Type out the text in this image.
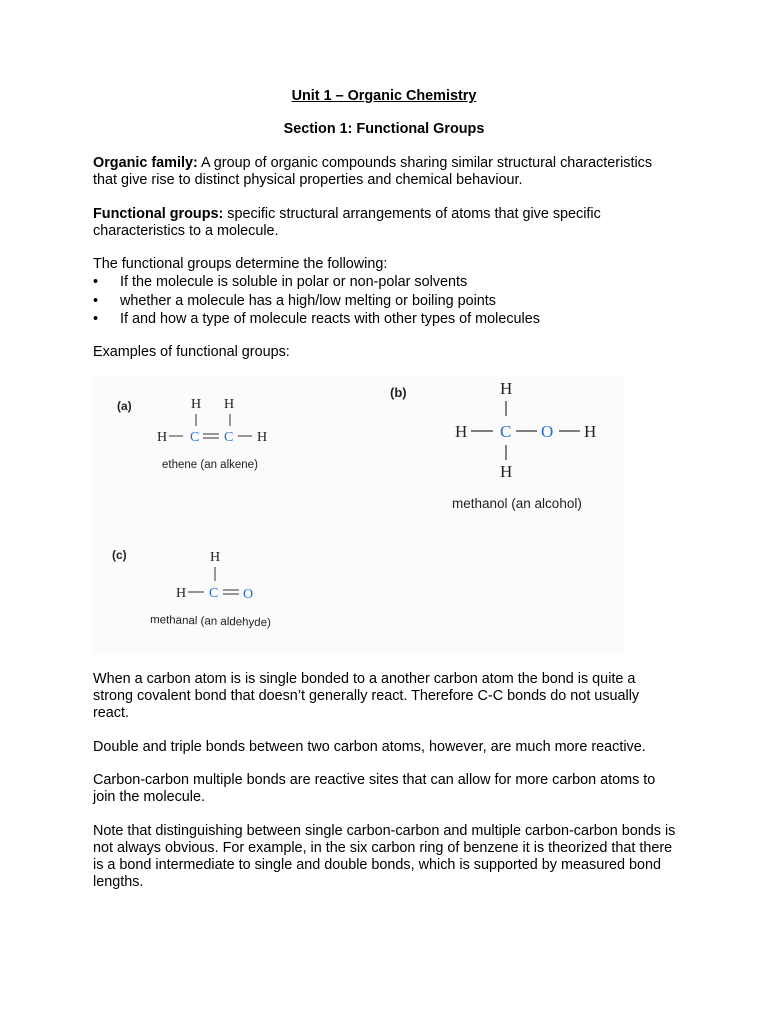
Unit 1 – Organic Chemistry
Section 1: Functional Groups
Organic family: A group of organic compounds sharing similar structural characteristics that give rise to distinct physical properties and chemical behaviour.
Functional groups: specific structural arrangements of atoms that give specific characteristics to a molecule.
The functional groups determine the following:
• If the molecule is soluble in polar or non-polar solvents
• whether a molecule has a high/low melting or boiling points
• If and how a type of molecule reacts with other types of molecules
Examples of functional groups:
(a)	H H
H	H
C C
ethene (an alkene)
(b)	H
H
H
H
C O
methanol (an alcohol)
(c)	H
H C O
methanal (an aldehyde)
When a carbon atom is is single bonded to a another carbon atom the bond is quite a strong covalent bond that doesn’t generally react. Therefore C-C bonds do not usually react.
Double and triple bonds between two carbon atoms, however, are much more reactive.
Carbon-carbon multiple bonds are reactive sites that can allow for more carbon atoms to join the molecule.
Note that distinguishing between single carbon-carbon and multiple carbon-carbon bonds is not always obvious. For example, in the six carbon ring of benzene it is theorized that there is a bond intermediate to single and double bonds, which is supported by measured bond lengths.
